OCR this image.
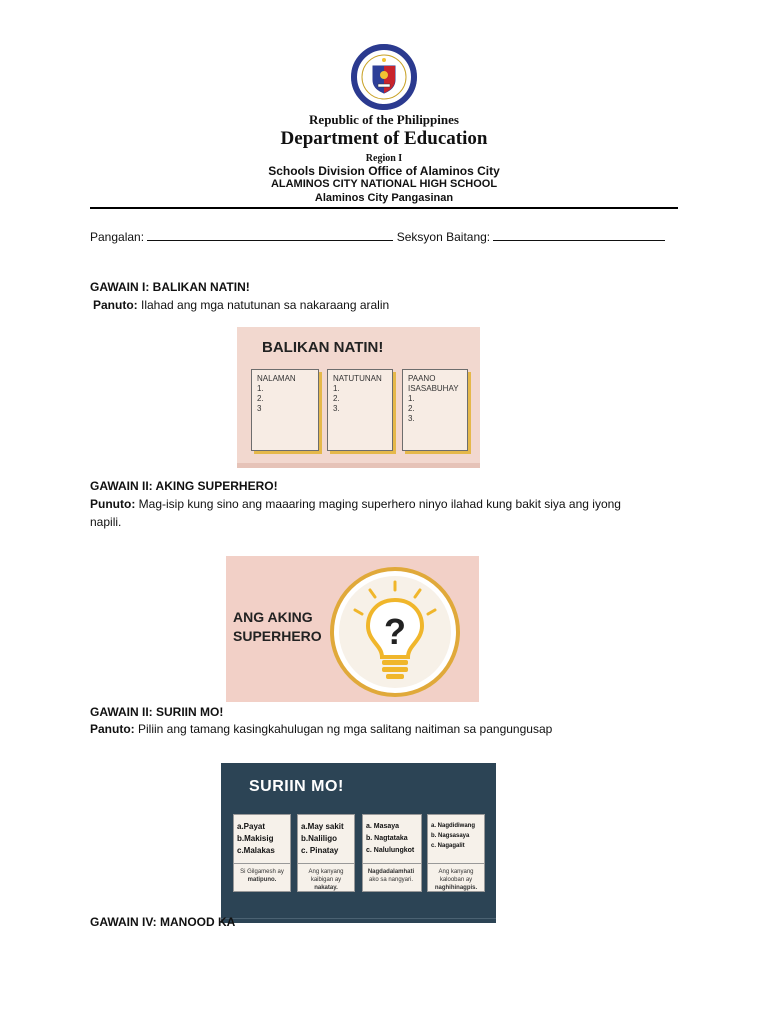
Republic of the Philippines
Department of Education
Region I
Schools Division Office of Alaminos City
ALAMINOS CITY NATIONAL HIGH SCHOOL
Alaminos City Pangasinan
Pangalan:	Seksyon Baitang:
GAWAIN I: BALIKAN NATIN!
Panuto: Ilahad ang mga natutunan sa nakaraang aralin
BALIKAN NATIN!
NALAMAN
1.
2.
3
NATUTUNAN
1.
2.
3.
PAANO ISASABUHAY
1.
2.
3.
GAWAIN II: AKING SUPERHERO!
Punuto: Mag-isip kung sino ang maaaring maging superhero ninyo ilahad kung bakit siya ang iyong
napili.
ANG AKING
SUPERHERO ?
GAWAIN II: SURIIN MO!
Panuto: Piliin ang tamang kasingkahulugan ng mga salitang naitiman sa pangungusap
SURIIN MO!
a.Payat
b.Makisig
c.Malakas
Si Gilgamesh ay matipuno.
a.May sakit
b.Naliligo
c. Pinatay
Ang kanyang kaibigan ay nakatay.
a. Masaya
b. Nagtataka
c. Nalulungkot
Nagdadalamhati ako sa nangyari.
a. Nagdidiwang
b. Nagsasaya
c. Nagagalit
Ang kanyang kalooban ay naghihinagpis.
GAWAIN IV: MANOOD KA
